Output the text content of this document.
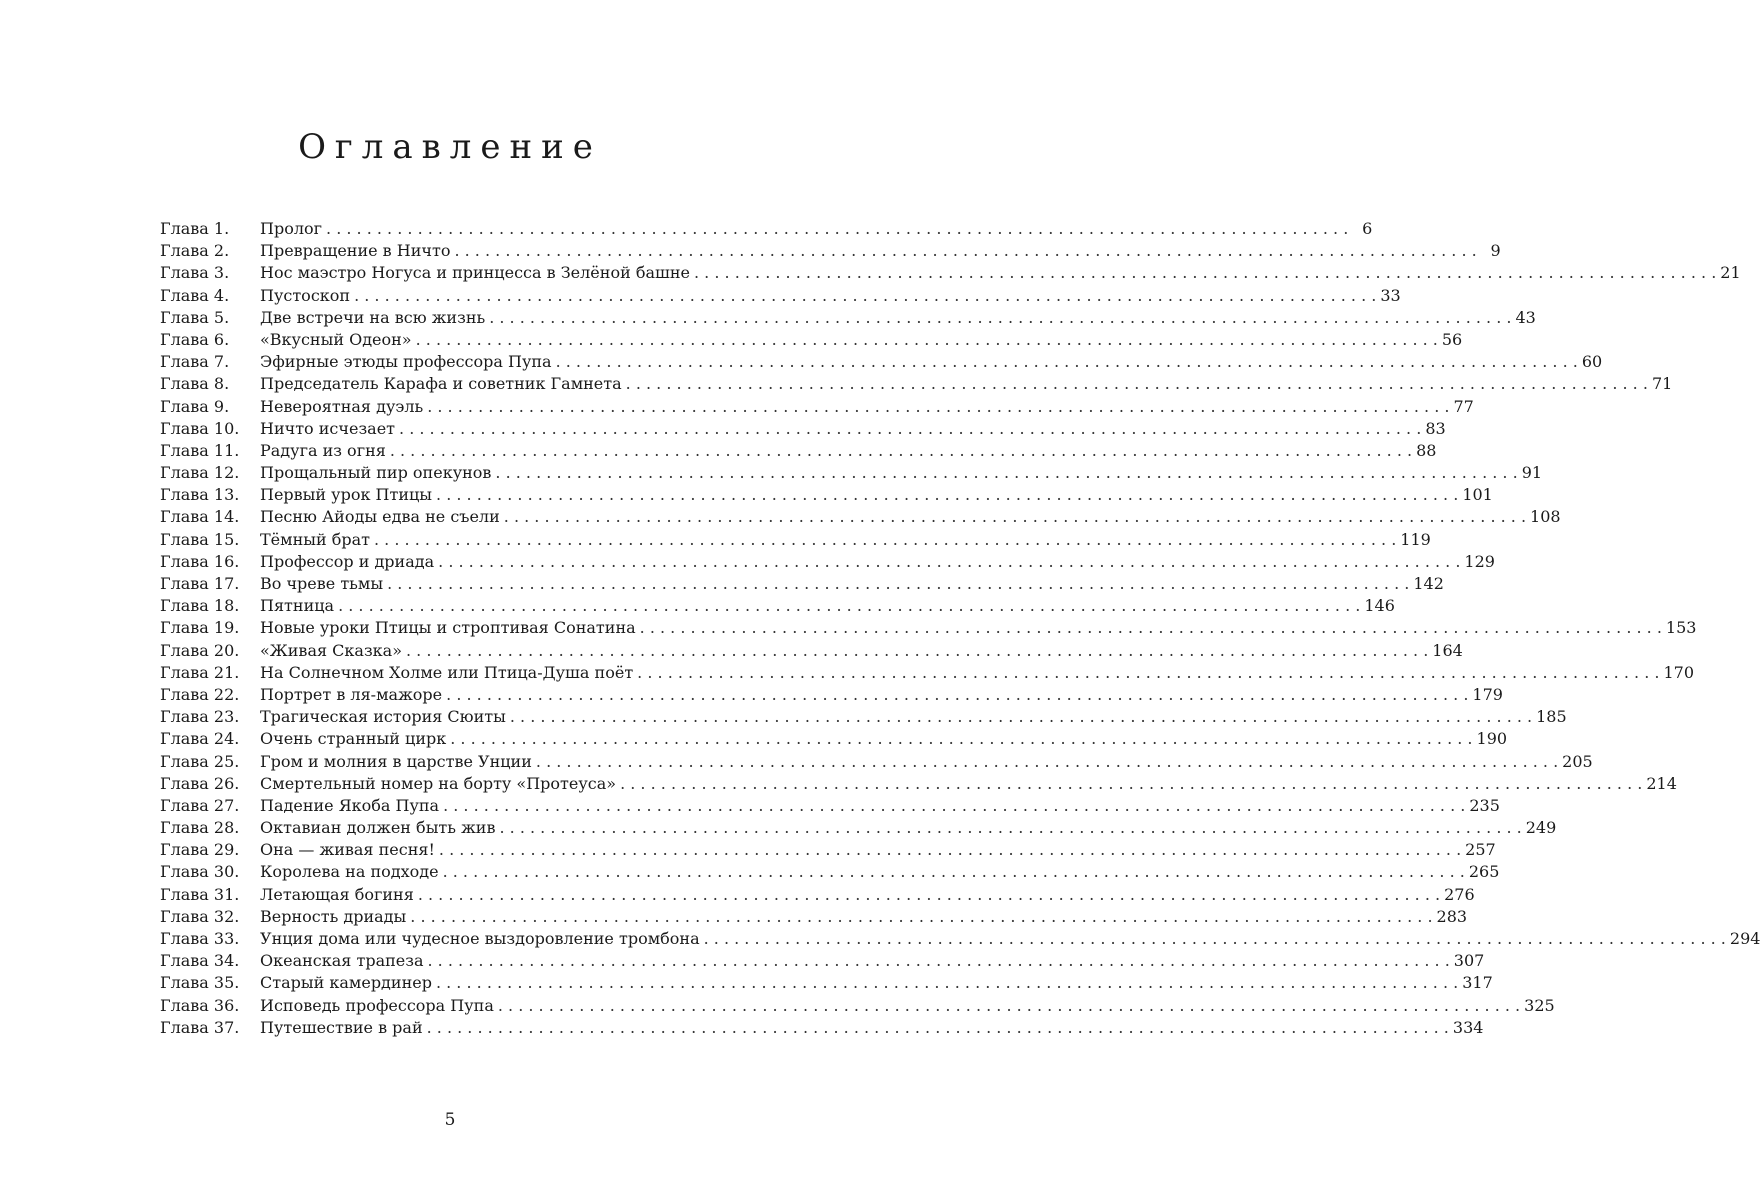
Оглавление
Глава 1.	Пролог . . .	6
Глава 2.	Превращение в Ничто . . .	9
Глава 3.	Нос маэстро Ногуса и принцесса в Зелёной башне . . .	21
Глава 4.	Пустоскоп . . .	33
Глава 5.	Две встречи на всю жизнь . . .	43
Глава 6.	«Вкусный Одеон» . . .	56
Глава 7.	Эфирные этюды профессора Пупа . . .	60
Глава 8.	Председатель Карафа и советник Гамнета . . .	71
Глава 9.	Невероятная дуэль . . .	77
Глава 10.	Ничто исчезает . . .	83
Глава 11.	Радуга из огня . . .	88
Глава 12.	Прощальный пир опекунов . . .	91
Глава 13.	Первый урок Птицы . . .	101
Глава 14.	Песню Айоды едва не съели . . .	108
Глава 15.	Тёмный брат . . .	119
Глава 16.	Профессор и дриада . . .	129
Глава 17.	Во чреве тьмы . . .	142
Глава 18.	Пятница . . .	146
Глава 19.	Новые уроки Птицы и строптивая Сонатина . . .	153
Глава 20.	«Живая Сказка» . . .	164
Глава 21.	На Солнечном Холме или Птица-Душа поёт . . .	170
Глава 22.	Портрет в ля-мажоре . . .	179
Глава 23.	Трагическая история Сюиты . . .	185
Глава 24.	Очень странный цирк . . .	190
Глава 25.	Гром и молния в царстве Унции . . .	205
Глава 26.	Смертельный номер на борту «Протеуса» . . .	214
Глава 27.	Падение Якоба Пупа . . .	235
Глава 28.	Октавиан должен быть жив . . .	249
Глава 29.	Она — живая песня! . . .	257
Глава 30.	Королева на подходе . . .	265
Глава 31.	Летающая богиня . . .	276
Глава 32.	Верность дриады . . .	283
Глава 33.	Унция дома или чудесное выздоровление тромбона . . .	294
Глава 34.	Океанская трапеза . . .	307
Глава 35.	Старый камердинер . . .	317
Глава 36.	Исповедь профессора Пупа . . .	325
Глава 37.	Путешествие в рай . . .	334
5
